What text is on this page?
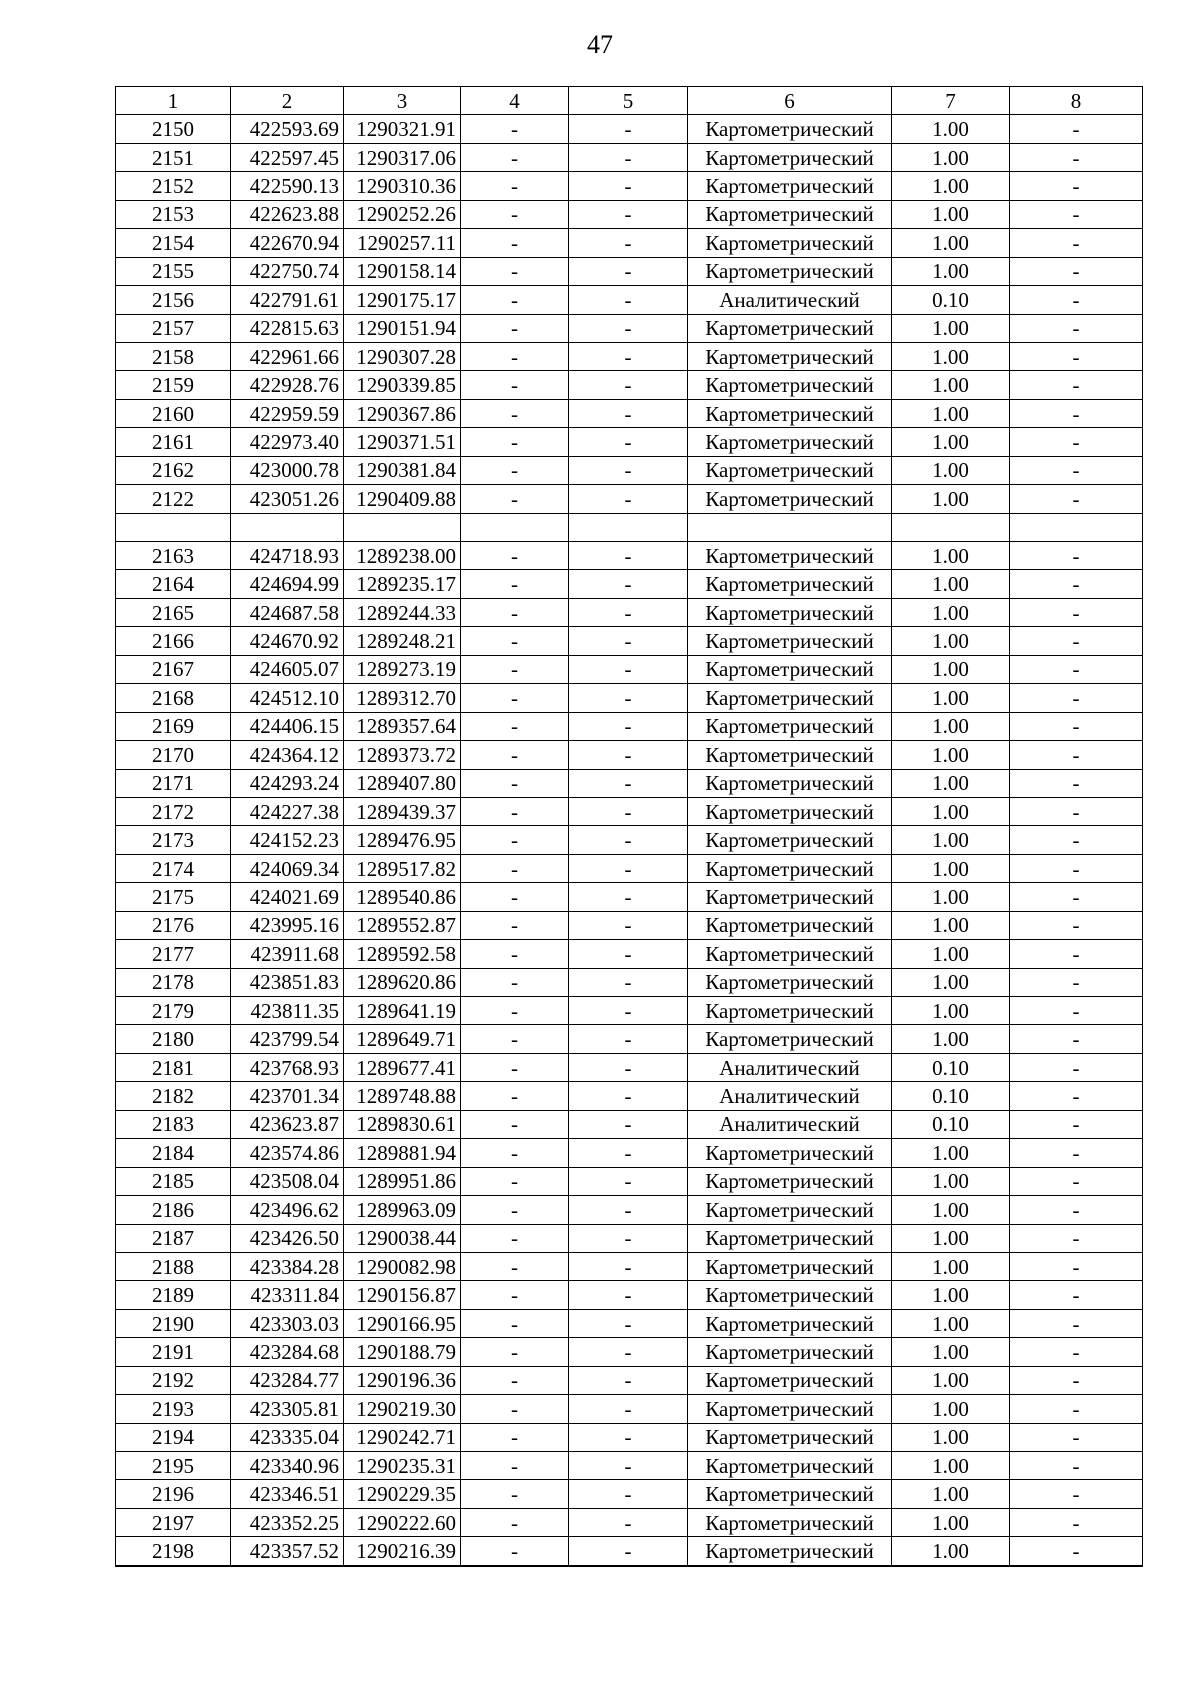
47
1	2	3	4	5	6	7	8
2150	422593.69	1290321.91	-	-	Картометрический	1.00	-
2151	422597.45	1290317.06	-	-	Картометрический	1.00	-
2152	422590.13	1290310.36	-	-	Картометрический	1.00	-
2153	422623.88	1290252.26	-	-	Картометрический	1.00	-
2154	422670.94	1290257.11	-	-	Картометрический	1.00	-
2155	422750.74	1290158.14	-	-	Картометрический	1.00	-
2156	422791.61	1290175.17	-	-	Аналитический	0.10	-
2157	422815.63	1290151.94	-	-	Картометрический	1.00	-
2158	422961.66	1290307.28	-	-	Картометрический	1.00	-
2159	422928.76	1290339.85	-	-	Картометрический	1.00	-
2160	422959.59	1290367.86	-	-	Картометрический	1.00	-
2161	422973.40	1290371.51	-	-	Картометрический	1.00	-
2162	423000.78	1290381.84	-	-	Картометрический	1.00	-
2122	423051.26	1290409.88	-	-	Картометрический	1.00	-

2163	424718.93	1289238.00	-	-	Картометрический	1.00	-
2164	424694.99	1289235.17	-	-	Картометрический	1.00	-
2165	424687.58	1289244.33	-	-	Картометрический	1.00	-
2166	424670.92	1289248.21	-	-	Картометрический	1.00	-
2167	424605.07	1289273.19	-	-	Картометрический	1.00	-
2168	424512.10	1289312.70	-	-	Картометрический	1.00	-
2169	424406.15	1289357.64	-	-	Картометрический	1.00	-
2170	424364.12	1289373.72	-	-	Картометрический	1.00	-
2171	424293.24	1289407.80	-	-	Картометрический	1.00	-
2172	424227.38	1289439.37	-	-	Картометрический	1.00	-
2173	424152.23	1289476.95	-	-	Картометрический	1.00	-
2174	424069.34	1289517.82	-	-	Картометрический	1.00	-
2175	424021.69	1289540.86	-	-	Картометрический	1.00	-
2176	423995.16	1289552.87	-	-	Картометрический	1.00	-
2177	423911.68	1289592.58	-	-	Картометрический	1.00	-
2178	423851.83	1289620.86	-	-	Картометрический	1.00	-
2179	423811.35	1289641.19	-	-	Картометрический	1.00	-
2180	423799.54	1289649.71	-	-	Картометрический	1.00	-
2181	423768.93	1289677.41	-	-	Аналитический	0.10	-
2182	423701.34	1289748.88	-	-	Аналитический	0.10	-
2183	423623.87	1289830.61	-	-	Аналитический	0.10	-
2184	423574.86	1289881.94	-	-	Картометрический	1.00	-
2185	423508.04	1289951.86	-	-	Картометрический	1.00	-
2186	423496.62	1289963.09	-	-	Картометрический	1.00	-
2187	423426.50	1290038.44	-	-	Картометрический	1.00	-
2188	423384.28	1290082.98	-	-	Картометрический	1.00	-
2189	423311.84	1290156.87	-	-	Картометрический	1.00	-
2190	423303.03	1290166.95	-	-	Картометрический	1.00	-
2191	423284.68	1290188.79	-	-	Картометрический	1.00	-
2192	423284.77	1290196.36	-	-	Картометрический	1.00	-
2193	423305.81	1290219.30	-	-	Картометрический	1.00	-
2194	423335.04	1290242.71	-	-	Картометрический	1.00	-
2195	423340.96	1290235.31	-	-	Картометрический	1.00	-
2196	423346.51	1290229.35	-	-	Картометрический	1.00	-
2197	423352.25	1290222.60	-	-	Картометрический	1.00	-
2198	423357.52	1290216.39	-	-	Картометрический	1.00	-
